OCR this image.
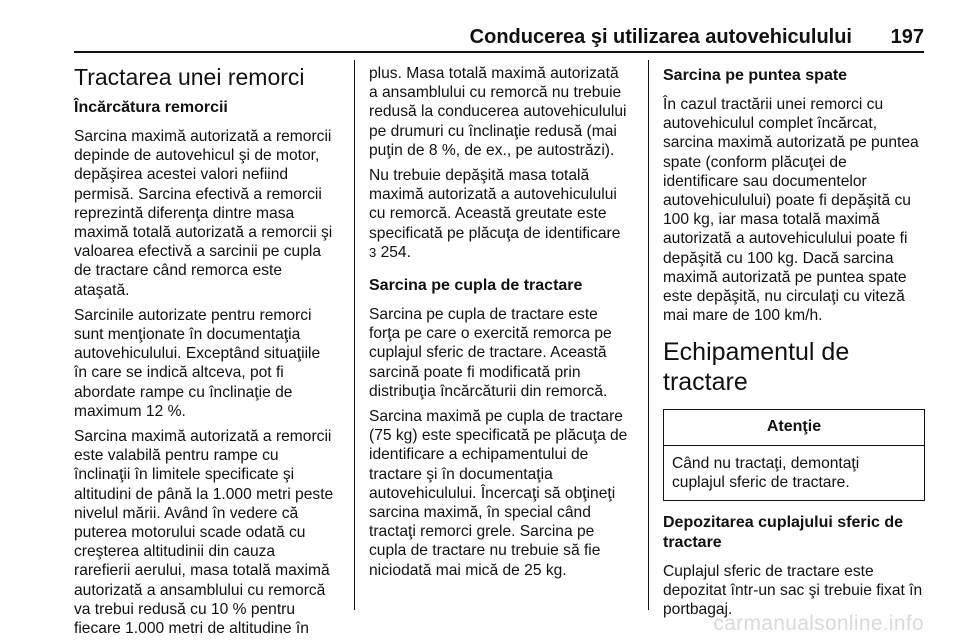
Conducerea şi utilizarea autovehiculului 197
Tractarea unei remorci
Încărcătura remorcii

Sarcina maximă autorizată a remorcii
depinde de autovehicul şi de motor,
depăşirea acestei valori nefiind
permisă. Sarcina efectivă a remorcii
reprezintă diferenţa dintre masa
maximă totală autorizată a remorcii şi
valoarea efectivă a sarcinii pe cupla
de tractare când remorca este
ataşată.

Sarcinile autorizate pentru remorci
sunt menţionate în documentaţia
autovehiculului. Exceptând situaţiile
în care se indică altceva, pot fi
abordate rampe cu înclinaţie de
maximum 12 %.

Sarcina maximă autorizată a remorcii
este valabilă pentru rampe cu
înclinaţii în limitele specificate şi
altitudini de până la 1.000 metri peste
nivelul mării. Având în vedere că
puterea motorului scade odată cu
creşterea altitudinii din cauza
rarefierii aerului, masa totală maximă
autorizată a ansamblului cu remorcă
va trebui redusă cu 10 % pentru
fiecare 1.000 metri de altitudine în

plus. Masa totală maximă autorizată
a ansamblului cu remorcă nu trebuie
redusă la conducerea autovehiculului
pe drumuri cu înclinaţie redusă (mai
puţin de 8 %, de ex., pe autostrăzi).

Nu trebuie depăşită masa totală
maximă autorizată a autovehiculului
cu remorcă. Această greutate este
specificată pe plăcuţa de identificare

3 254.

Sarcina pe cupla de tractare

Sarcina pe cupla de tractare este
forţa pe care o exercită remorca pe
cuplajul sferic de tractare. Această
sarcină poate fi modificată prin
distribuţia încărcăturii din remorcă.

Sarcina maximă pe cupla de tractare
(75 kg) este specificată pe plăcuţa de
identificare a echipamentului de
tractare şi în documentaţia
autovehiculului. Încercaţi să obţineţi
sarcina maximă, în special când
tractaţi remorci grele. Sarcina pe
cupla de tractare nu trebuie să fie
niciodată mai mică de 25 kg.

Sarcina pe puntea spate

În cazul tractării unei remorci cu
autovehiculul complet încărcat,
sarcina maximă autorizată pe puntea
spate (conform plăcuţei de
identificare sau documentelor
autovehiculului) poate fi depăşită cu
100 kg, iar masa totală maximă
autorizată a autovehiculului poate fi
depăşită cu 100 kg. Dacă sarcina
maximă autorizată pe puntea spate
este depăşită, nu circulaţi cu viteză
mai mare de 100 km/h.

Echipamentul de tractare
Atenţie
Când nu tractaţi, demontaţi
cuplajul sferic de tractare.
Depozitarea cuplajului sferic de
tractare

Cuplajul sferic de tractare este
depozitat într-un sac şi trebuie fixat în
portbagaj.

carmanualsonline.info
